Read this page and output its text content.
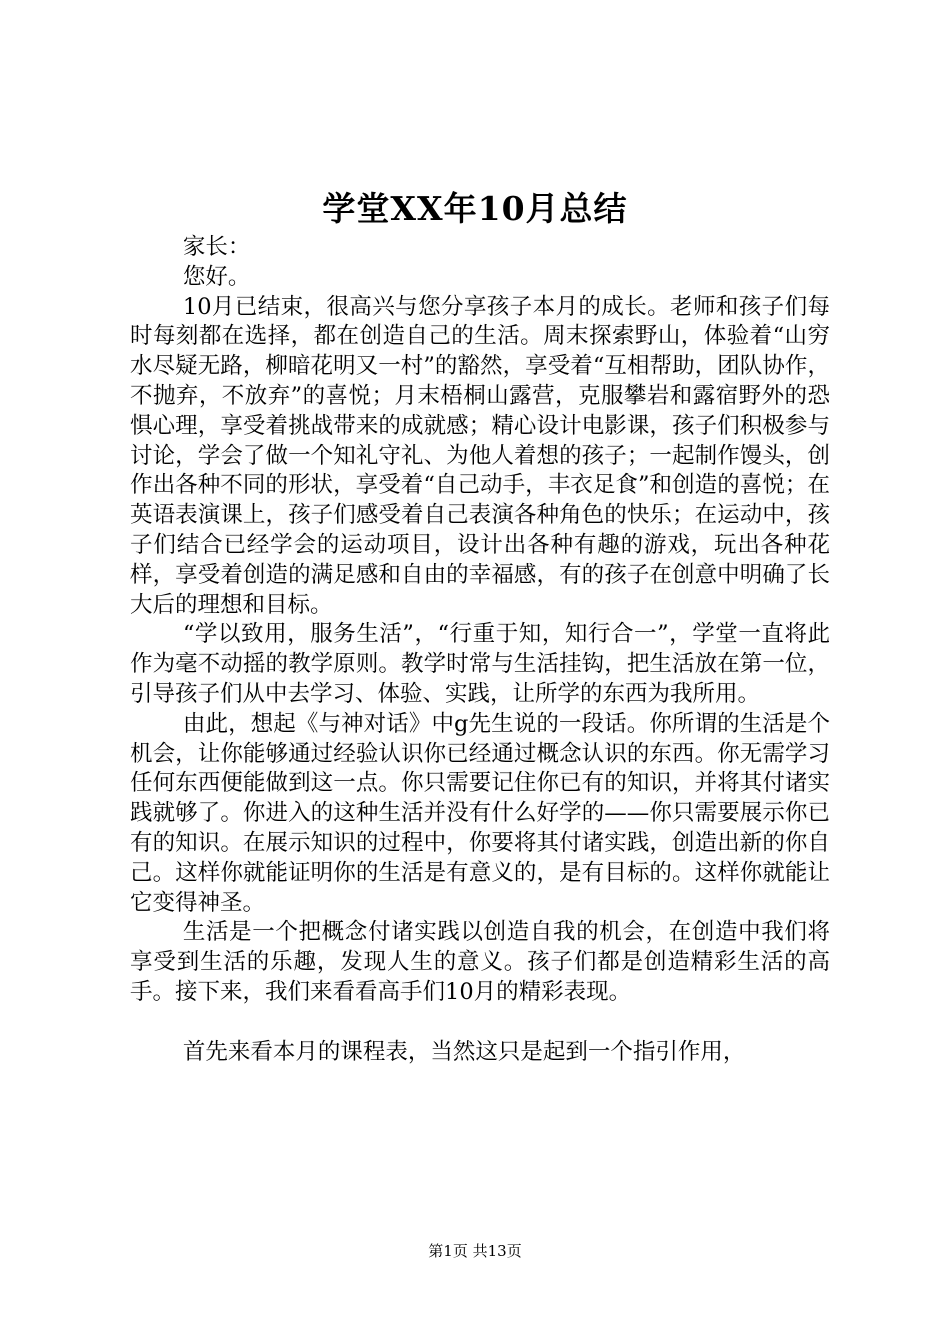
学堂XX年10月总结

家长：

您好。

10月已结束，很高兴与您分享孩子本月的成长。老师和孩子们每时每刻都在选择，都在创造自己的生活。周末探索野山，体验着“山穷水尽疑无路，柳暗花明又一村”的豁然，享受着“互相帮助，团队协作，不抛弃，不放弃”的喜悦；月末梧桐山露营，克服攀岩和露宿野外的恐惧心理，享受着挑战带来的成就感；精心设计电影课，孩子们积极参与讨论，学会了做一个知礼守礼、为他人着想的孩子；一起制作馒头，创作出各种不同的形状，享受着“自己动手，丰衣足食”和创造的喜悦；在英语表演课上，孩子们感受着自己表演各种角色的快乐；在运动中，孩子们结合已经学会的运动项目，设计出各种有趣的游戏，玩出各种花样，享受着创造的满足感和自由的幸福感，有的孩子在创意中明确了长大后的理想和目标。

“学以致用，服务生活”，“行重于知，知行合一”，学堂一直将此作为毫不动摇的教学原则。教学时常与生活挂钩，把生活放在第一位，引导孩子们从中去学习、体验、实践，让所学的东西为我所用。

由此，想起《与神对话》中g先生说的一段话。你所谓的生活是个机会，让你能够通过经验认识你已经通过概念认识的东西。你无需学习任何东西便能做到这一点。你只需要记住你已有的知识，并将其付诸实践就够了。你进入的这种生活并没有什么好学的——你只需要展示你已有的知识。在展示知识的过程中，你要将其付诸实践，创造出新的你自己。这样你就能证明你的生活是有意义的，是有目标的。这样你就能让它变得神圣。

生活是一个把概念付诸实践以创造自我的机会，在创造中我们将享受到生活的乐趣，发现人生的意义。孩子们都是创造精彩生活的高手。接下来，我们来看看高手们10月的精彩表现。

首先来看本月的课程表，当然这只是起到一个指引作用，

第1页 共13页
